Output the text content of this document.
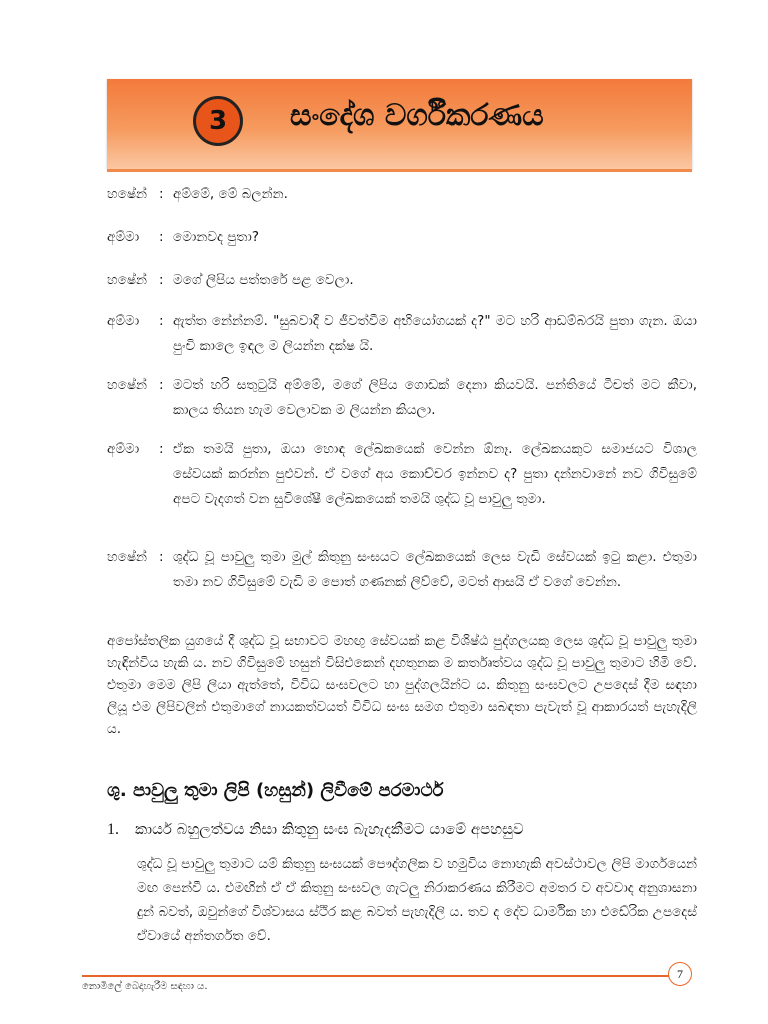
3	සංදේශ වර්ගීකරණය
හෂේන් : අම්මේ, මේ බලන්න.
අම්මා	: මොනවද පුතා?
හෂේන් : මගේ ලිපිය පත්තරේ පළ වෙලා.
අම්මා	: ඇත්ත නේන්නම්. "සුබවාදී ව ජීවත්වීම අභියෝගයක් ද?" මට හරි ආඩම්බරයි පුතා ගැන. ඔයා පුංචි කාලෙ ඉඳල ම ලියන්න දක්ෂ යි.
හෂේන් : මටත් හරි සතුටුයි අම්මේ, මගේ ලිපිය ගොඩක් දෙනා කියවයි. පන්තියේ ටීචත් මට කීවා, කාලය තියන හැම වෙලාවක ම ලියන්න කියලා.
අම්මා	: ඒක තමයි පුතා, ඔයා හොඳ ලේඛකයෙක් වෙන්න ඕනෑ. ලේඛකයකුට සමාජයට විශාල සේවයක් කරන්න පුළුවන්. ඒ වගේ අය කොච්චර ඉන්නව ද? පුතා දන්නවානේ නව ගිවිසුමේ අපට වැදගත් වන සුවිශේෂී ලේඛකයෙක් තමයි ශුද්ධ වූ පාවුලු තුමා.
හෂේන් : ශුද්ධ වූ පාවුලු තුමා මුල් කිතුනු සංඝයට ලේඛකයෙක් ලෙස වැඩි සේවයක් ඉටු කළා. එතුමා තමා නව ගිවිසුමේ වැඩි ම පොත් ගණනක් ලිව්වේ, මටත් ආසයි ඒ වගේ වෙන්න.
අපෝස්තලික යුගයේ දී ශුද්ධ වූ සභාවට මහඟු සේවයක් කළ විශිෂ්ඨ පුද්ගලයකු ලෙස ශුද්ධ වූ පාවුලු තුමා හැඳින්විය හැකි ය. නව ගිවිසුමේ හසුන් විසිඑකෙන් දහතුනක ම කර්තෘත්වය ශුද්ධ වූ පාවුලු තුමාට හිමි වේ. එතුමා මෙම ලිපි ලියා ඇත්තේ, විවිධ සංඝවලට හා පුද්ගලයින්ට ය. කිතුනු සංඝවලට උපදෙස් දීම සඳහා ලියූ එම ලිපිවලින් එතුමාගේ නායකත්වයත් විවිධ සංඝ සමග එතුමා සබඳතා පැවැත් වූ ආකාරයත් පැහැදිලි ය.
ශු. පාවුලු තුමා ලිපි (හසුන්) ලිවීමේ පරමාර්ථ
1. කාර්ය බහුලත්වය නිසා කිතුනු සංඝ බැහැදකීමට යාමේ අපහසුව
ශුද්ධ වූ පාවුලු තුමාට යම් කිතුනු සංඝයක් පෞද්ගලික ව හමුවිය නොහැකි අවස්ථාවල ලිපි මාර්ගයෙන් මඟ පෙන්වී ය. එමඟින් ඒ ඒ කිතුනු සංඝවල ගැටලු නිරාකරණය කිරීමට අමතර ව අවවාද අනුශාසනා දුන් බවත්, ඔවුන්ගේ විශ්වාසය ස්ථිර කළ බවත් පැහැදිලි ය. තව ද දේව ධාර්මික හා එඩේරික උපදෙස් ඒවායේ අන්තර්ගත වේ.
7
නොමිලේ බෙදාහැරීම සඳහා ය.
